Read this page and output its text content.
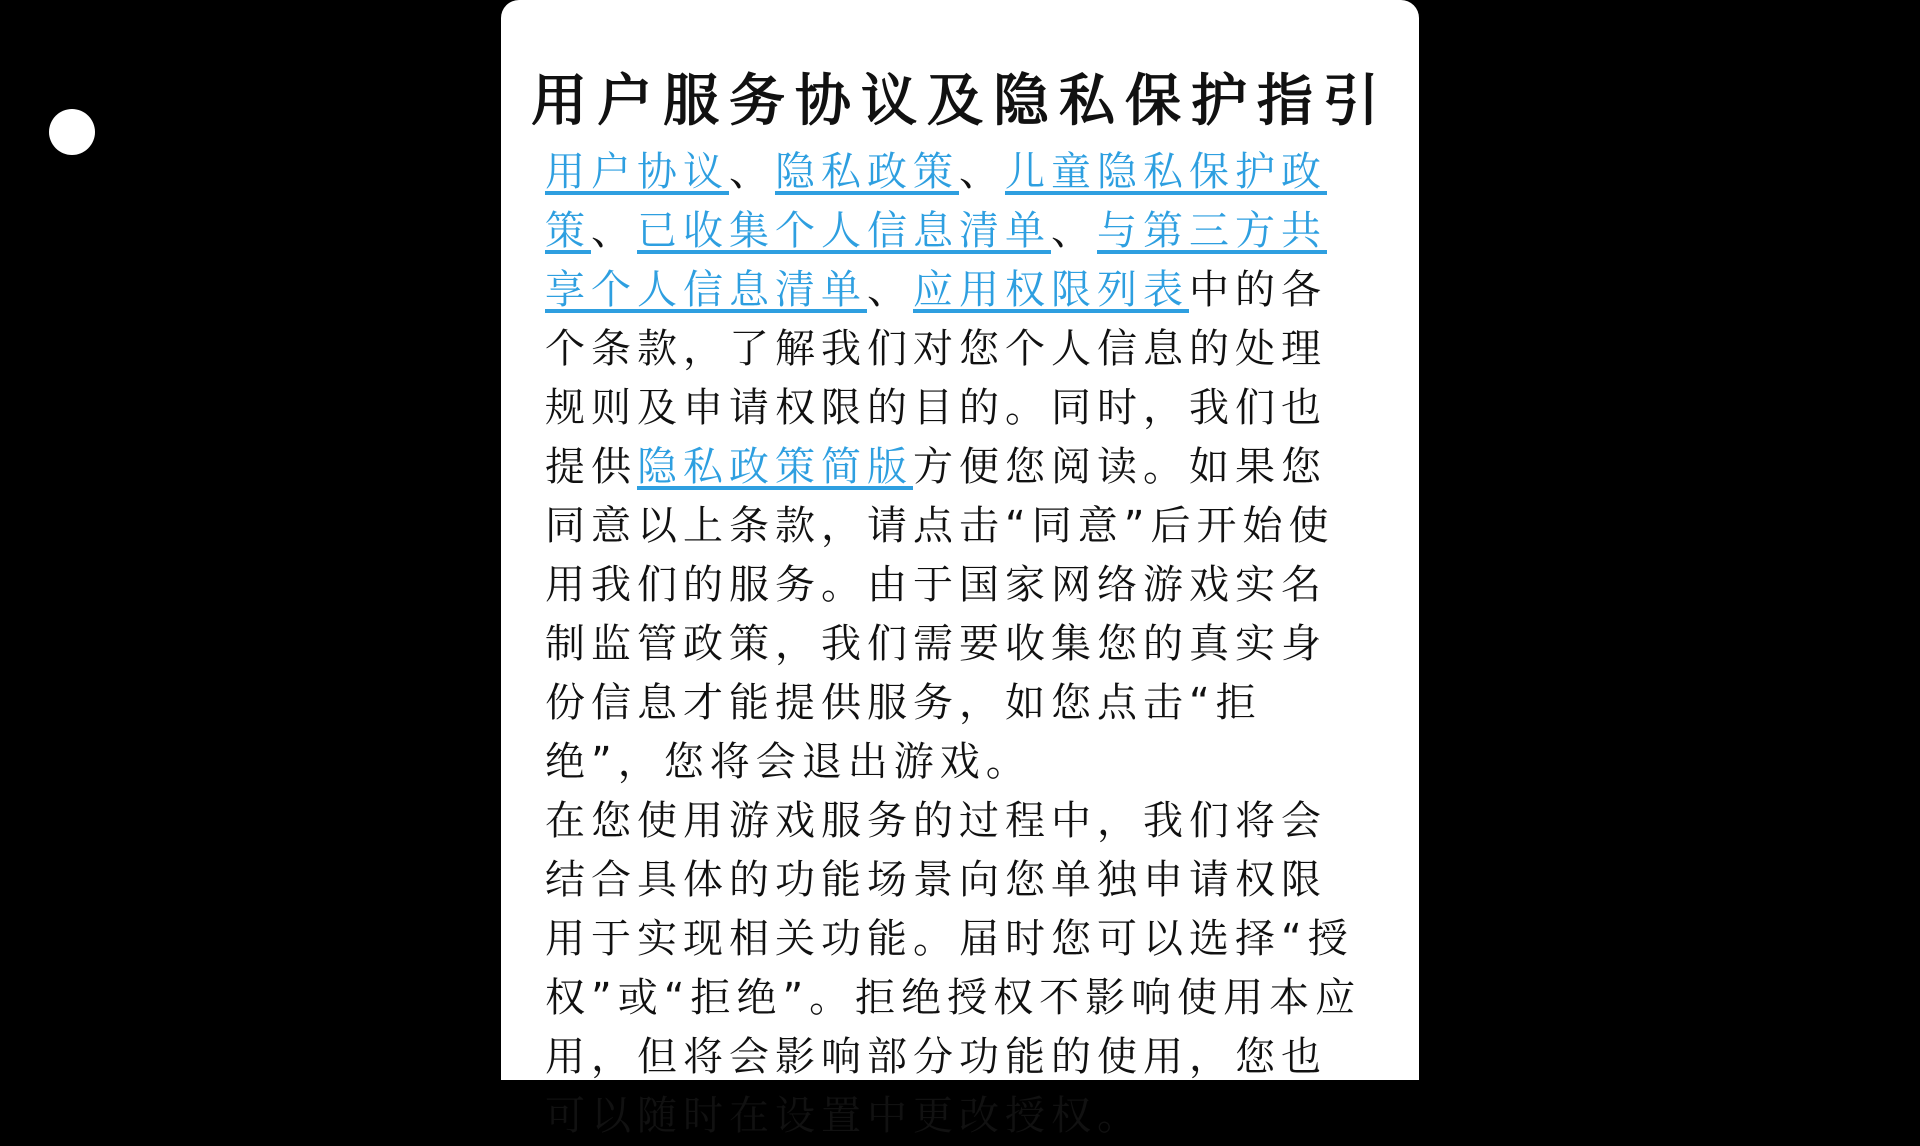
用户服务协议及隐私保护指引

用户协议、隐私政策、儿童隐私保护政策、已收集个人信息清单、与第三方共享个人信息清单、应用权限列表中的各个条款，了解我们对您个人信息的处理规则及申请权限的目的。同时，我们也提供隐私政策简版方便您阅读。如果您同意以上条款，请点击“同意”后开始使用我们的服务。由于国家网络游戏实名制监管政策，我们需要收集您的真实身份信息才能提供服务，如您点击“拒绝”，您将会退出游戏。

在您使用游戏服务的过程中，我们将会结合具体的功能场景向您单独申请权限用于实现相关功能。届时您可以选择“授权”或“拒绝”。拒绝授权不影响使用本应用，但将会影响部分功能的使用，您也可以随时在设置中更改授权。
